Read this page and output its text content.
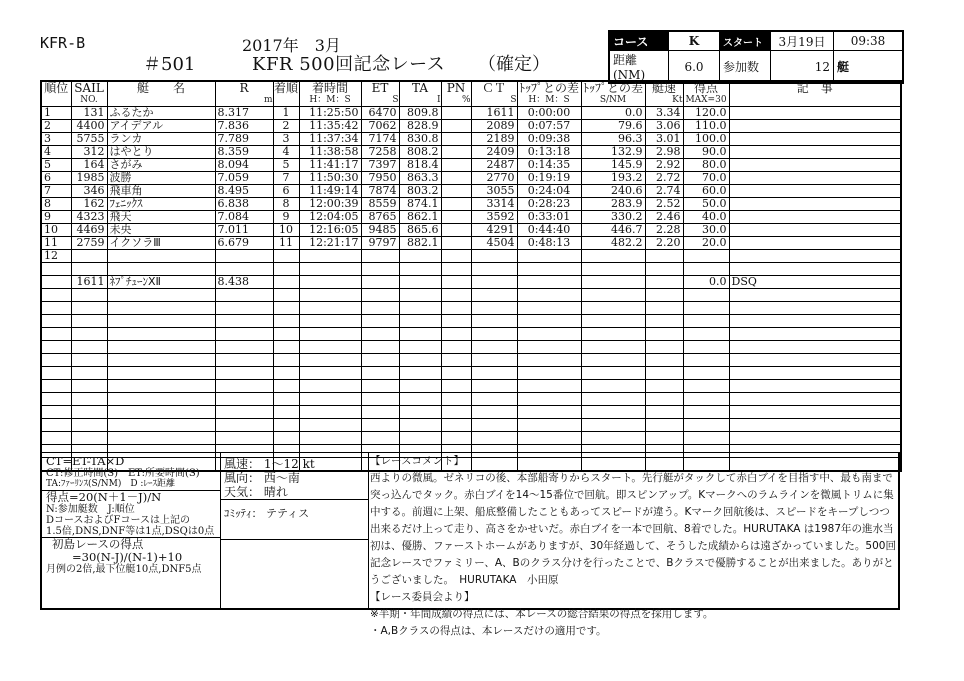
KFR-B	2017年　3月
＃501	KFR 500回記念レース （確定）
コース	K	スタート	3月19日	09:38
距離(NM)	6.0	参加数	12	艇
順位	SAIL	艇　　名	R	着順	着時間	ET	TA	PN	ＣＴ	ﾄｯﾌﾟとの差	ﾄｯﾌﾟとの差	艇速	得点	記　事
	NO.		m		H：M：S	S	I	%	S	H：M：S	S/NM	Kt	MAX=30	
1	131	ふるたか	8.317	1	11:25:50	6470	809.8		1611	0:00:00	0.0	3.34	120.0	
2	4400	アイデアル	7.836	2	11:35:42	7062	828.9		2089	0:07:57	79.6	3.06	110.0	
3	5755	ランカ	7.789	3	11:37:34	7174	830.8		2189	0:09:38	96.3	3.01	100.0	
4	312	はやとり	8.359	4	11:38:58	7258	808.2		2409	0:13:18	132.9	2.98	90.0	
5	164	さがみ	8.094	5	11:41:17	7397	818.4		2487	0:14:35	145.9	2.92	80.0	
6	1985	波勝	7.059	7	11:50:30	7950	863.3		2770	0:19:19	193.2	2.72	70.0	
7	346	飛車角	8.495	6	11:49:14	7874	803.2		3055	0:24:04	240.6	2.74	60.0	
8	162	ﾌｪﾆｯｸｽ	6.838	8	12:00:39	8559	874.1		3314	0:28:23	283.9	2.52	50.0	
9	4323	飛天	7.084	9	12:04:05	8765	862.1		3592	0:33:01	330.2	2.46	40.0	
10	4469	未央	7.011	10	12:16:05	9485	865.6		4291	0:44:40	446.7	2.28	30.0	
11	2759	イクソラⅢ	6.679	11	12:21:17	9797	882.1		4504	0:48:13	482.2	2.20	20.0	
12														

	1611	ﾈﾌﾟﾁｭｰﾝXⅡ	8.438										0.0	DSQ

CT=ET-TA×D
CT:修正時間(S)　ET:所要時間(S)
TA:ﾌｧｰﾘﾝｽ(S/NM)　D :ﾚｰｽ距離
得点=20(N＋1－J)/N
N:参加艇数　J:順位
DコースおよびFコースは上記の
1.5倍,DNS,DNF等は1点,DSQは0点
初島レースの得点
=30(N-J)/(N-1)+10
月例の2倍,最下位艇10点,DNF5点
風速： 1～12 kt
風向： 西～南
天気： 晴れ
ｺﾐｯﾃｨ： テティス
【レースコメント】
西よりの微風。ゼネリコの後、本部船寄りからスタート。先行艇がタックして赤白ブイを目指す中、最も南まで突っ込んでタック。赤白ブイを14～15番位で回航。即スピンアップ。Kマークへのラムラインを微風トリムに集中する。前週に上架、船底整備したこともあってスピードが違う。Kマーク回航後は、スピードをキープしつつ出来るだけ上って走り、高さをかせいだ。赤白ブイを一本で回航、8着でした。HURUTAKA は1987年の進水当初は、優勝、ファーストホームがありますが、30年経過して、そうした成績からは遠ざかっていました。500回記念レースでファミリー、A、Bのクラス分けを行ったことで、Bクラスで優勝することが出来ました。ありがとうございました。　HURUTAKA　小田原
【レース委員会より】
※半期・年間成績の得点には、本レースの総合結果の得点を採用します。
・A,Bクラスの得点は、本レースだけの適用です。
